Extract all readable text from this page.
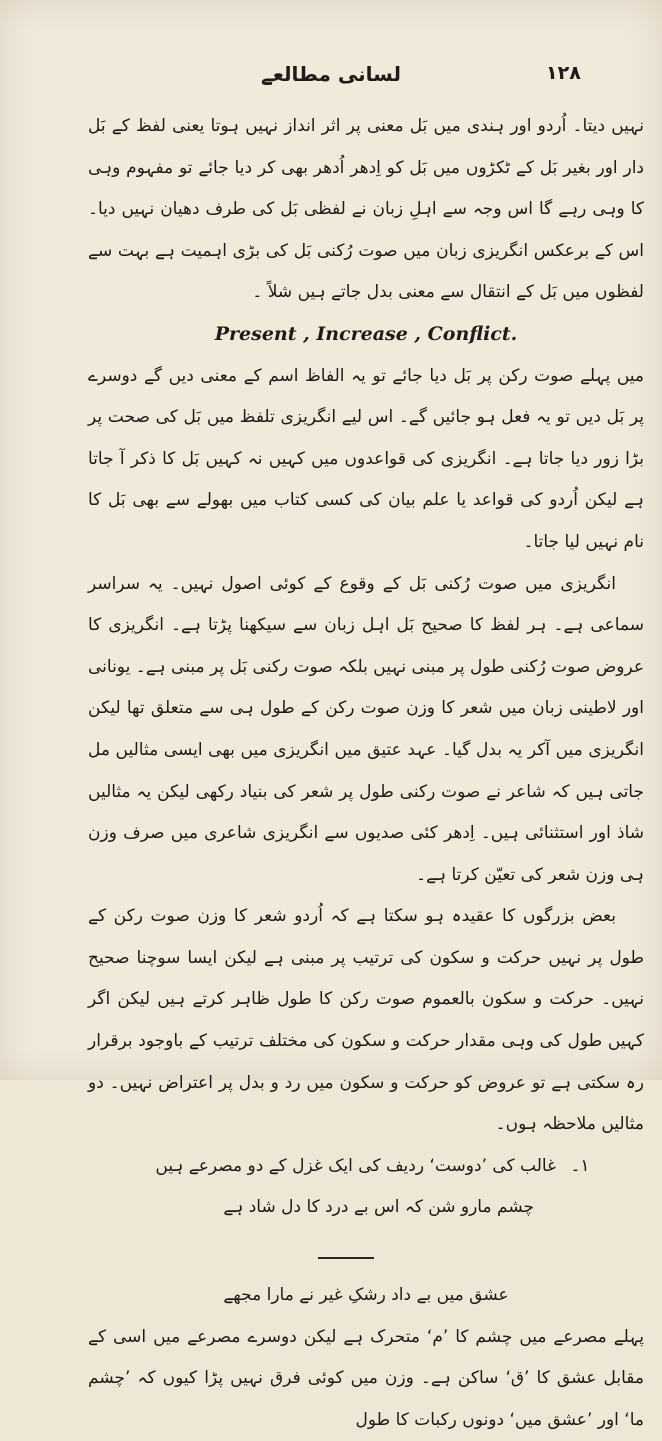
لسانی مطالعے	۱۲۸

نہیں دیتا۔ اُردو اور ہندی میں بَل معنی پر اثر انداز نہیں ہوتا یعنی لفظ کے بَل دار اور بغیر بَل کے ٹکڑوں میں بَل کو اِدھر اُدھر بھی کر دیا جائے تو مفہوم وہی کا وہی رہے گا اس وجہ سے اہلِ زبان نے لفظی بَل کی طرف دھیان نہیں دیا۔ اس کے برعکس انگریزی زبان میں صوت رُکنی بَل کی بڑی اہمیت ہے بہت سے لفظوں میں بَل کے انتقال سے معنی بدل جاتے ہیں شلاً ۔

Present , Increase , Conflict.

میں پہلے صوت رکن پر بَل دیا جائے تو یہ الفاظ اسم کے معنی دیں گے دوسرے پر بَل دیں تو یہ فعل ہو جائیں گے۔ اس لیے انگریزی تلفظ میں بَل کی صحت پر بڑا زور دیا جاتا ہے۔ انگریزی کی قواعدوں میں کہیں نہ کہیں بَل کا ذکر آ جاتا ہے لیکن اُردو کی قواعد یا علم بیان کی کسی کتاب میں بھولے سے بھی بَل کا نام نہیں لیا جاتا۔

انگریزی میں صوت رُکنی بَل کے وقوع کے کوئی اصول نہیں۔ یہ سراسر سماعی ہے۔ ہر لفظ کا صحیح بَل اہل زبان سے سیکھنا پڑتا ہے۔ انگریزی کا عروض صوت رُکنی طول پر مبنی نہیں بلکہ صوت رکنی بَل پر مبنی ہے۔ یونانی اور لاطینی زبان میں شعر کا وزن صوت رکن کے طول ہی سے متعلق تھا لیکن انگریزی میں آکر یہ بدل گیا۔ عہد عتیق میں انگریزی میں بھی ایسی مثالیں مل جاتی ہیں کہ شاعر نے صوت رکنی طول پر شعر کی بنیاد رکھی لیکن یہ مثالیں شاذ اور استثنائی ہیں۔ اِدھر کئی صدیوں سے انگریزی شاعری میں صرف وزن ہی وزن شعر کی تعیّن کرتا ہے۔

بعض بزرگوں کا عقیدہ ہو سکتا ہے کہ اُردو شعر کا وزن صوت رکن کے طول پر نہیں حرکت و سکون کی ترتیب پر مبنی ہے لیکن ایسا سوچنا صحیح نہیں۔ حرکت و سکون بالعموم صوت رکن کا طول ظاہر کرتے ہیں لیکن اگر کہیں طول کی وہی مقدار حرکت و سکون کی مختلف ترتیب کے باوجود برقرار رہ سکتی ہے تو عروض کو حرکت و سکون میں رد و بدل پر اعتراض نہیں۔ دو مثالیں ملاحظہ ہوں۔

۱۔
غالب کی ’دوست‘ ردیف کی ایک غزل کے دو مصرعے ہیں

چشم مارو شن کہ اس بے درد کا دل شاد ہے

عشق میں بے داد رشکِ غیر نے مارا مجھے

پہلے مصرعے میں چشم کا ’م‘ متحرک ہے لیکن دوسرے مصرعے میں اسی کے مقابل عشق کا ’ق‘ ساکن ہے۔ وزن میں کوئی فرق نہیں پڑا کیوں کہ ’چشم ما‘ اور ’عشق میں‘ دونوں رکبات کا طول
